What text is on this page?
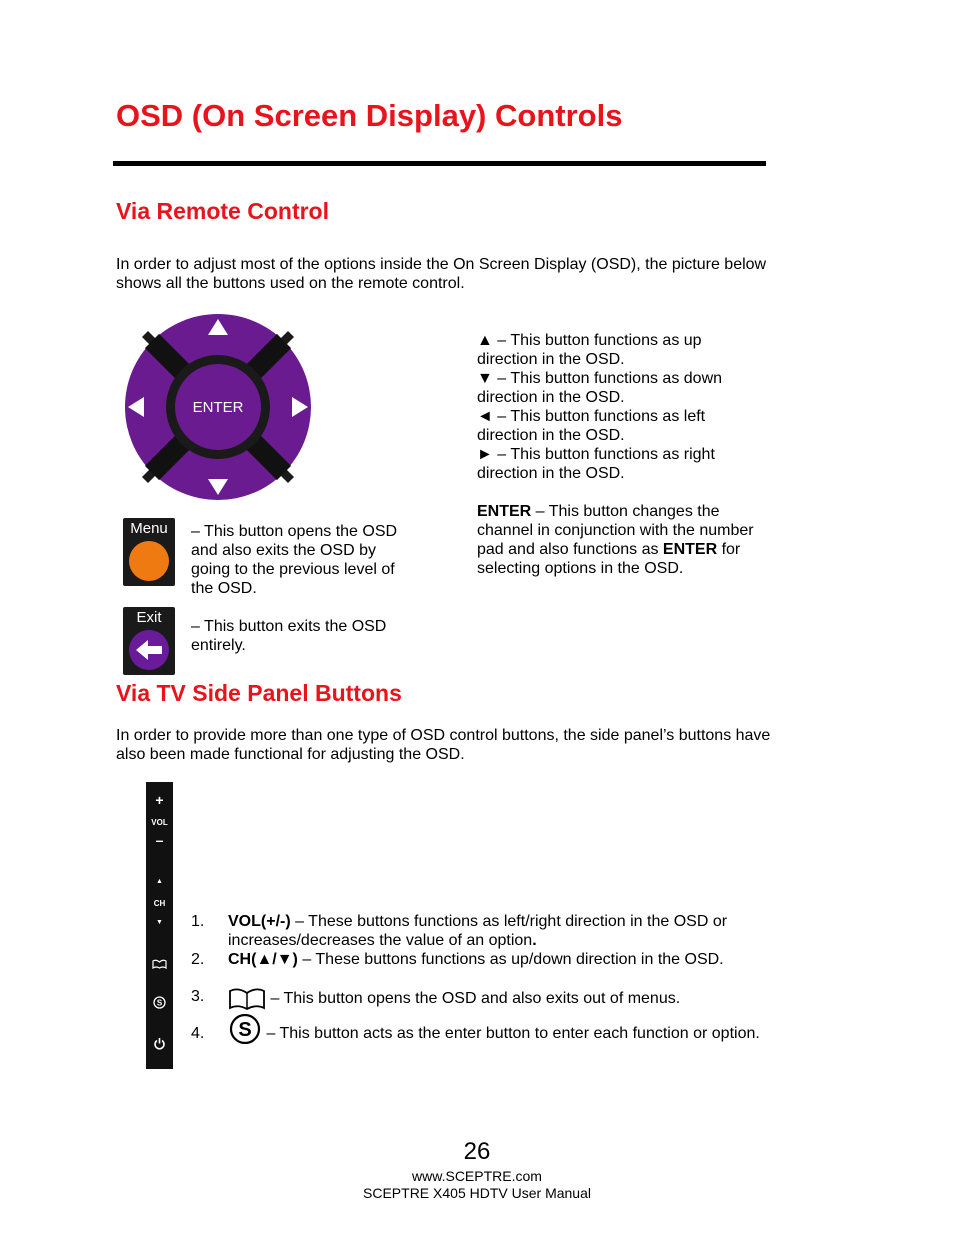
OSD (On Screen Display) Controls
Via Remote Control
In order to adjust most of the options inside the On Screen Display (OSD), the picture below shows all the buttons used on the remote control.
ENTER

▲ – This button functions as up direction in the OSD.

▼ – This button functions as down direction in the OSD.

◄ – This button functions as left direction in the OSD.

► – This button functions as right direction in the OSD.

ENTER – This button changes the channel in conjunction with the number pad and also functions as ENTER for selecting options in the OSD.

Menu	– This button opens the OSD and also exits the OSD by going to the previous level of the OSD.
Exit
– This button exits the OSD entirely.
Via TV Side Panel Buttons
In order to provide more than one type of OSD control buttons, the side panel’s buttons have also been made functional for adjusting the OSD.
+
VOL
–
▲
CH
▼
S
1. VOL(+/-) – These buttons functions as left/right direction in the OSD or increases/decreases the value of an option.
2. CH(▲/▼) – These buttons functions as up/down direction in the OSD.
3.	– This button opens the OSD and also exits out of menus.
4. S – This button acts as the enter button to enter each function or option.
26
www.SCEPTRE.com
SCEPTRE X405 HDTV User Manual
